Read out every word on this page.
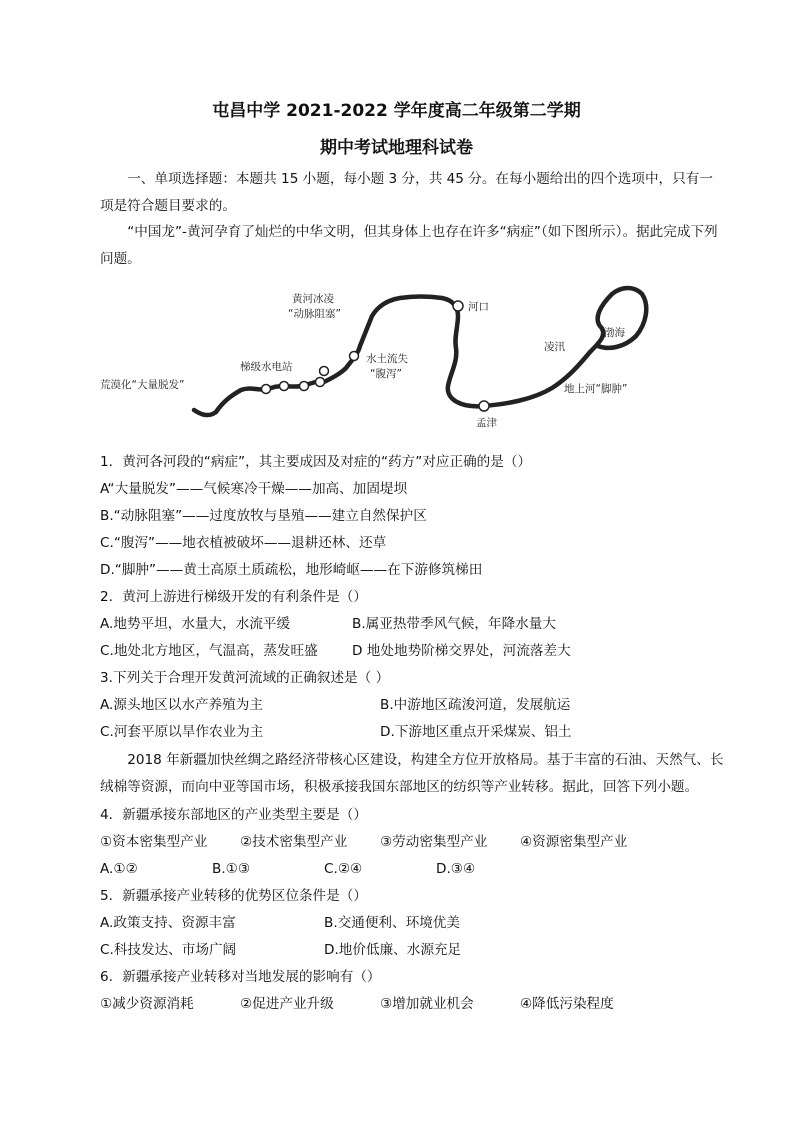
屯昌中学 2021-2022 学年度高二年级第二学期
期中考试地理科试卷
一、单项选择题：本题共 15 小题，每小题 3 分，共 45 分。在每小题给出的四个选项中，只有一项是符合题目要求的。
“中国龙”-黄河孕育了灿烂的中华文明，但其身体上也存在许多“病症”（如下图所示）。据此完成下列问题。
黄河冰凌
“动脉阻塞”
河口
渤海
凌汛
水土流失
“腹泻”
梯级水电站
荒漠化“大量脱发”	地上河“脚肿”
孟津
1．黄河各河段的“病症”，其主要成因及对症的“药方”对应正确的是（）
A“大量脱发”——气候寒冷干燥——加高、加固堤坝
B.“动脉阻塞”——过度放牧与垦殖——建立自然保护区
C.“腹泻”——地衣植被破坏——退耕还林、还草
D.“脚肿”——黄土高原土质疏松，地形崎岖——在下游修筑梯田
2．黄河上游进行梯级开发的有利条件是（）
A.地势平坦，水量大，水流平缓	B.属亚热带季风气候，年降水量大
C.地处北方地区，气温高，蒸发旺盛	D 地处地势阶梯交界处，河流落差大
3.下列关于合理开发黄河流域的正确叙述是（ ）
A.源头地区以水产养殖为主	B.中游地区疏浚河道，发展航运
C.河套平原以旱作农业为主	D.下游地区重点开采煤炭、铝土
2018 年新疆加快丝绸之路经济带核心区建设，构建全方位开放格局。基于丰富的石油、天然气、长绒棉等资源，而向中亚等国市场，积极承接我国东部地区的纺织等产业转移。据此，回答下列小题。
4．新疆承接东部地区的产业类型主要是（）
①资本密集型产业 ②技术密集型产业 ③劳动密集型产业 ④资源密集型产业
A.①②	B.①③	C.②④	D.③④
5．新疆承接产业转移的优势区位条件是（）
A.政策支持、资源丰富	B.交通便利、环境优美
C.科技发达、市场广阔	D.地价低廉、水源充足
6．新疆承接产业转移对当地发展的影响有（）
①减少资源消耗	②促进产业升级	③增加就业机会	④降低污染程度
